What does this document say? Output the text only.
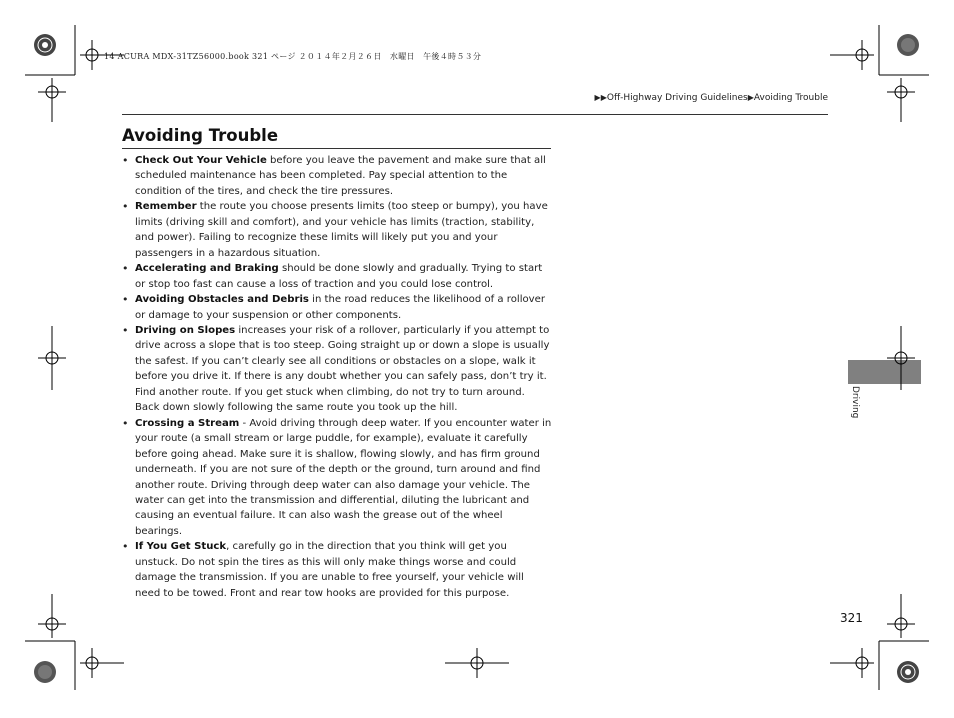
14 ACURA MDX-31TZ56000.book 321 ページ ２０１４年２月２６日　水曜日　午後４時５３分
▶▶Off-Highway Driving Guidelines▶Avoiding Trouble
Avoiding Trouble
• Check Out Your Vehicle before you leave the pavement and make sure that all scheduled maintenance has been completed. Pay special attention to the condition of the tires, and check the tire pressures.
• Remember the route you choose presents limits (too steep or bumpy), you have limits (driving skill and comfort), and your vehicle has limits (traction, stability, and power). Failing to recognize these limits will likely put you and your passengers in a hazardous situation.
• Accelerating and Braking should be done slowly and gradually. Trying to start or stop too fast can cause a loss of traction and you could lose control.
• Avoiding Obstacles and Debris in the road reduces the likelihood of a rollover or damage to your suspension or other components.
• Driving on Slopes increases your risk of a rollover, particularly if you attempt to drive across a slope that is too steep. Going straight up or down a slope is usually the safest. If you can’t clearly see all conditions or obstacles on a slope, walk it before you drive it. If there is any doubt whether you can safely pass, don’t try it. Find another route. If you get stuck when climbing, do not try to turn around. Back down slowly following the same route you took up the hill.
• Crossing a Stream - Avoid driving through deep water. If you encounter water in your route (a small stream or large puddle, for example), evaluate it carefully before going ahead. Make sure it is shallow, flowing slowly, and has firm ground underneath. If you are not sure of the depth or the ground, turn around and find another route. Driving through deep water can also damage your vehicle. The water can get into the transmission and differential, diluting the lubricant and causing an eventual failure. It can also wash the grease out of the wheel bearings.
• If You Get Stuck, carefully go in the direction that you think will get you unstuck. Do not spin the tires as this will only make things worse and could damage the transmission. If you are unable to free yourself, your vehicle will need to be towed. Front and rear tow hooks are provided for this purpose.
Driving
321
